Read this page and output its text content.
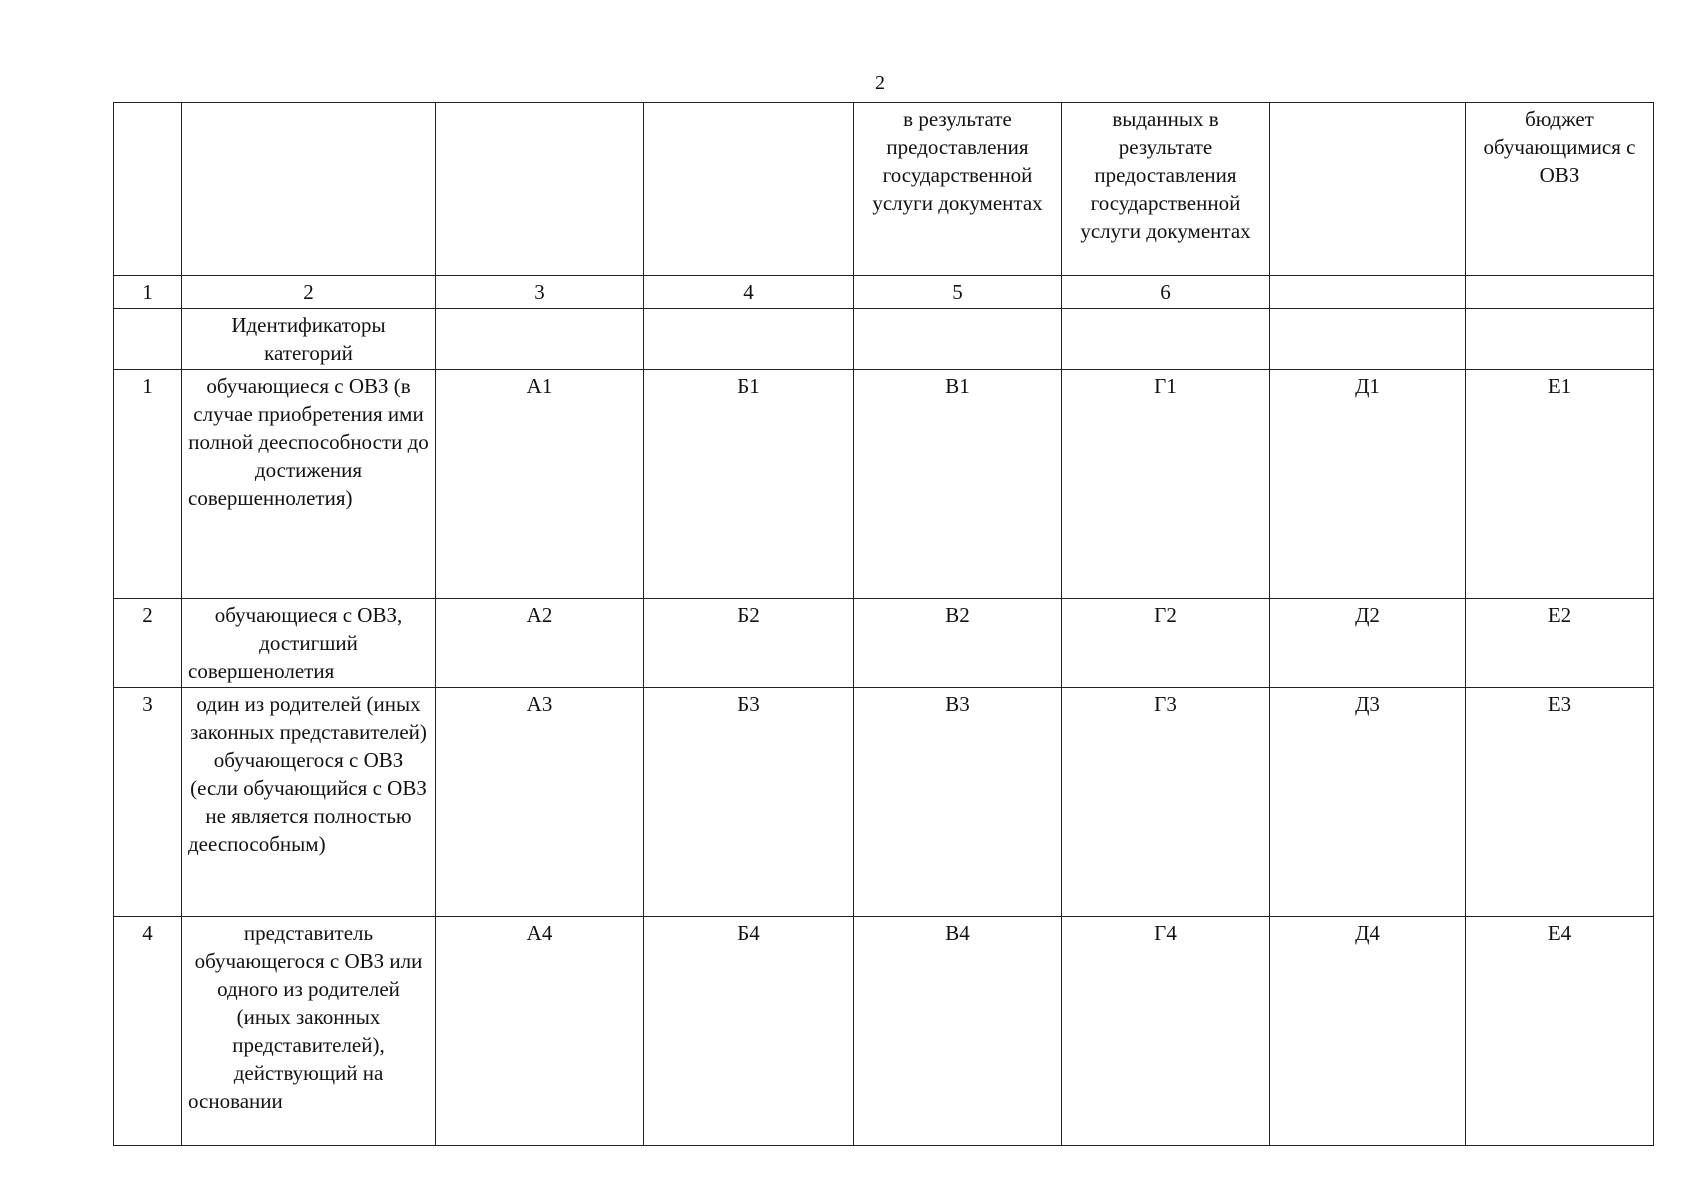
2
				в результате предоставления государственной услуги документах	выданных в результате предоставления государственной услуги документах		бюджет обучающимися с ОВЗ
1	2	3	4	5	6		
	Идентификаторы категорий						
1	обучающиеся с ОВЗ (в случае приобретения ими полной дееспособности до достижения совершеннолетия)	А1	Б1	В1	Г1	Д1	Е1
2	обучающиеся с ОВЗ, достигший совершенолетия	А2	Б2	В2	Г2	Д2	Е2
3	один из родителей (иных законных представителей) обучающегося с ОВЗ (если обучающийся с ОВЗ не является полностью дееспособным)	А3	Б3	В3	Г3	Д3	Е3
4	представитель обучающегося с ОВЗ или одного из родителей (иных законных представителей), действующий на основании	А4	Б4	В4	Г4	Д4	Е4
